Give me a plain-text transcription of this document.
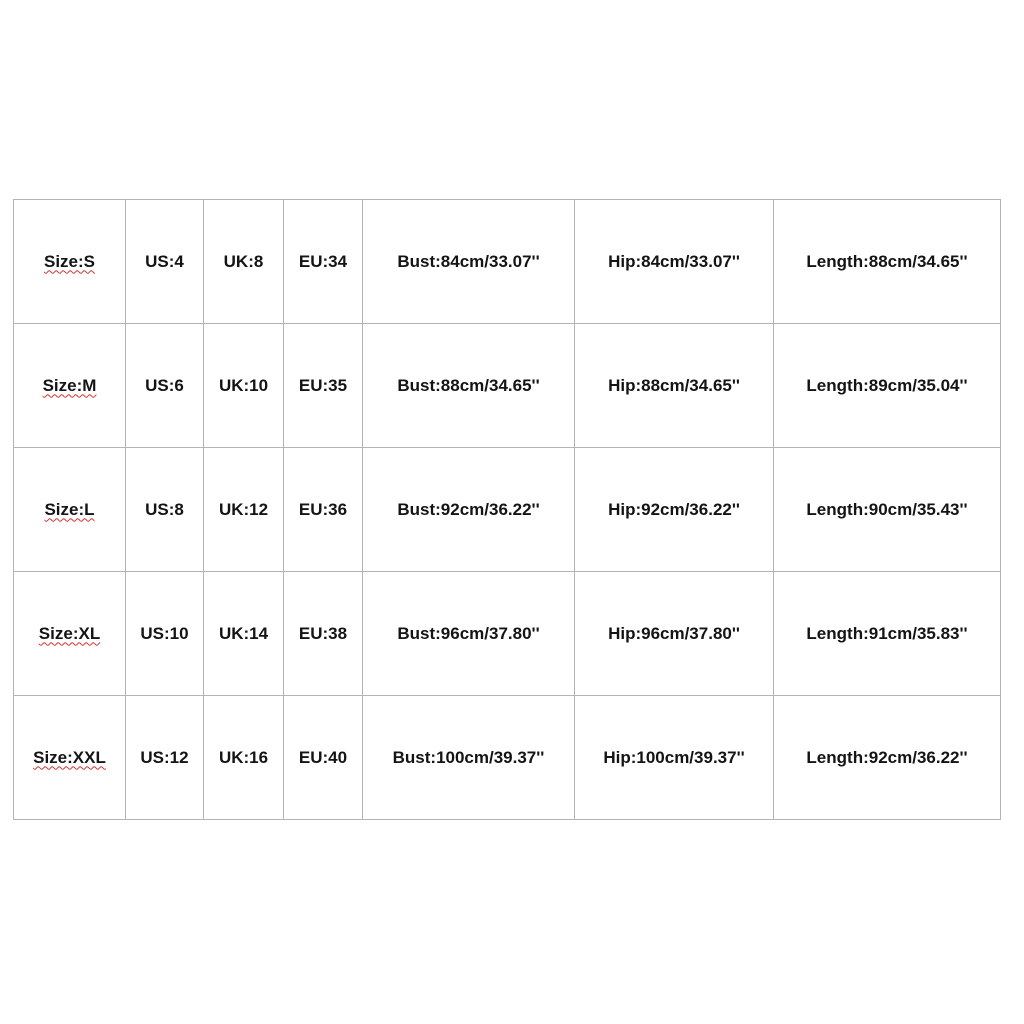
Size:S	US:4	UK:8	EU:34	Bust:84cm/33.07''	Hip:84cm/33.07''	Length:88cm/34.65''
Size:M	US:6	UK:10	EU:35	Bust:88cm/34.65''	Hip:88cm/34.65''	Length:89cm/35.04''
Size:L	US:8	UK:12	EU:36	Bust:92cm/36.22''	Hip:92cm/36.22''	Length:90cm/35.43''
Size:XL	US:10	UK:14	EU:38	Bust:96cm/37.80''	Hip:96cm/37.80''	Length:91cm/35.83''
Size:XXL	US:12	UK:16	EU:40	Bust:100cm/39.37''	Hip:100cm/39.37''	Length:92cm/36.22''
